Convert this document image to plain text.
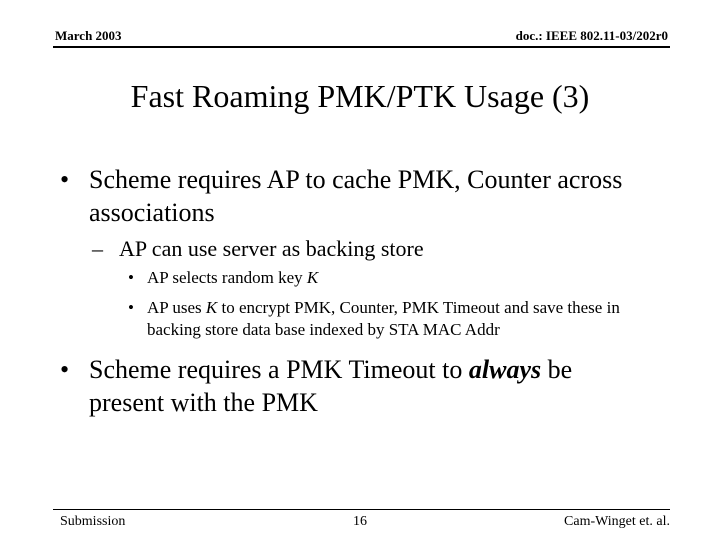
March 2003	doc.: IEEE 802.11-03/202r0
Fast Roaming PMK/PTK Usage (3)
• Scheme requires AP to cache PMK, Counter across associations
– AP can use server as backing store
• AP selects random key K
• AP uses K to encrypt PMK, Counter, PMK Timeout and save these in backing store data base indexed by STA MAC Addr
• Scheme requires a PMK Timeout to always be present with the PMK
Submission	16	Cam-Winget et. al.
